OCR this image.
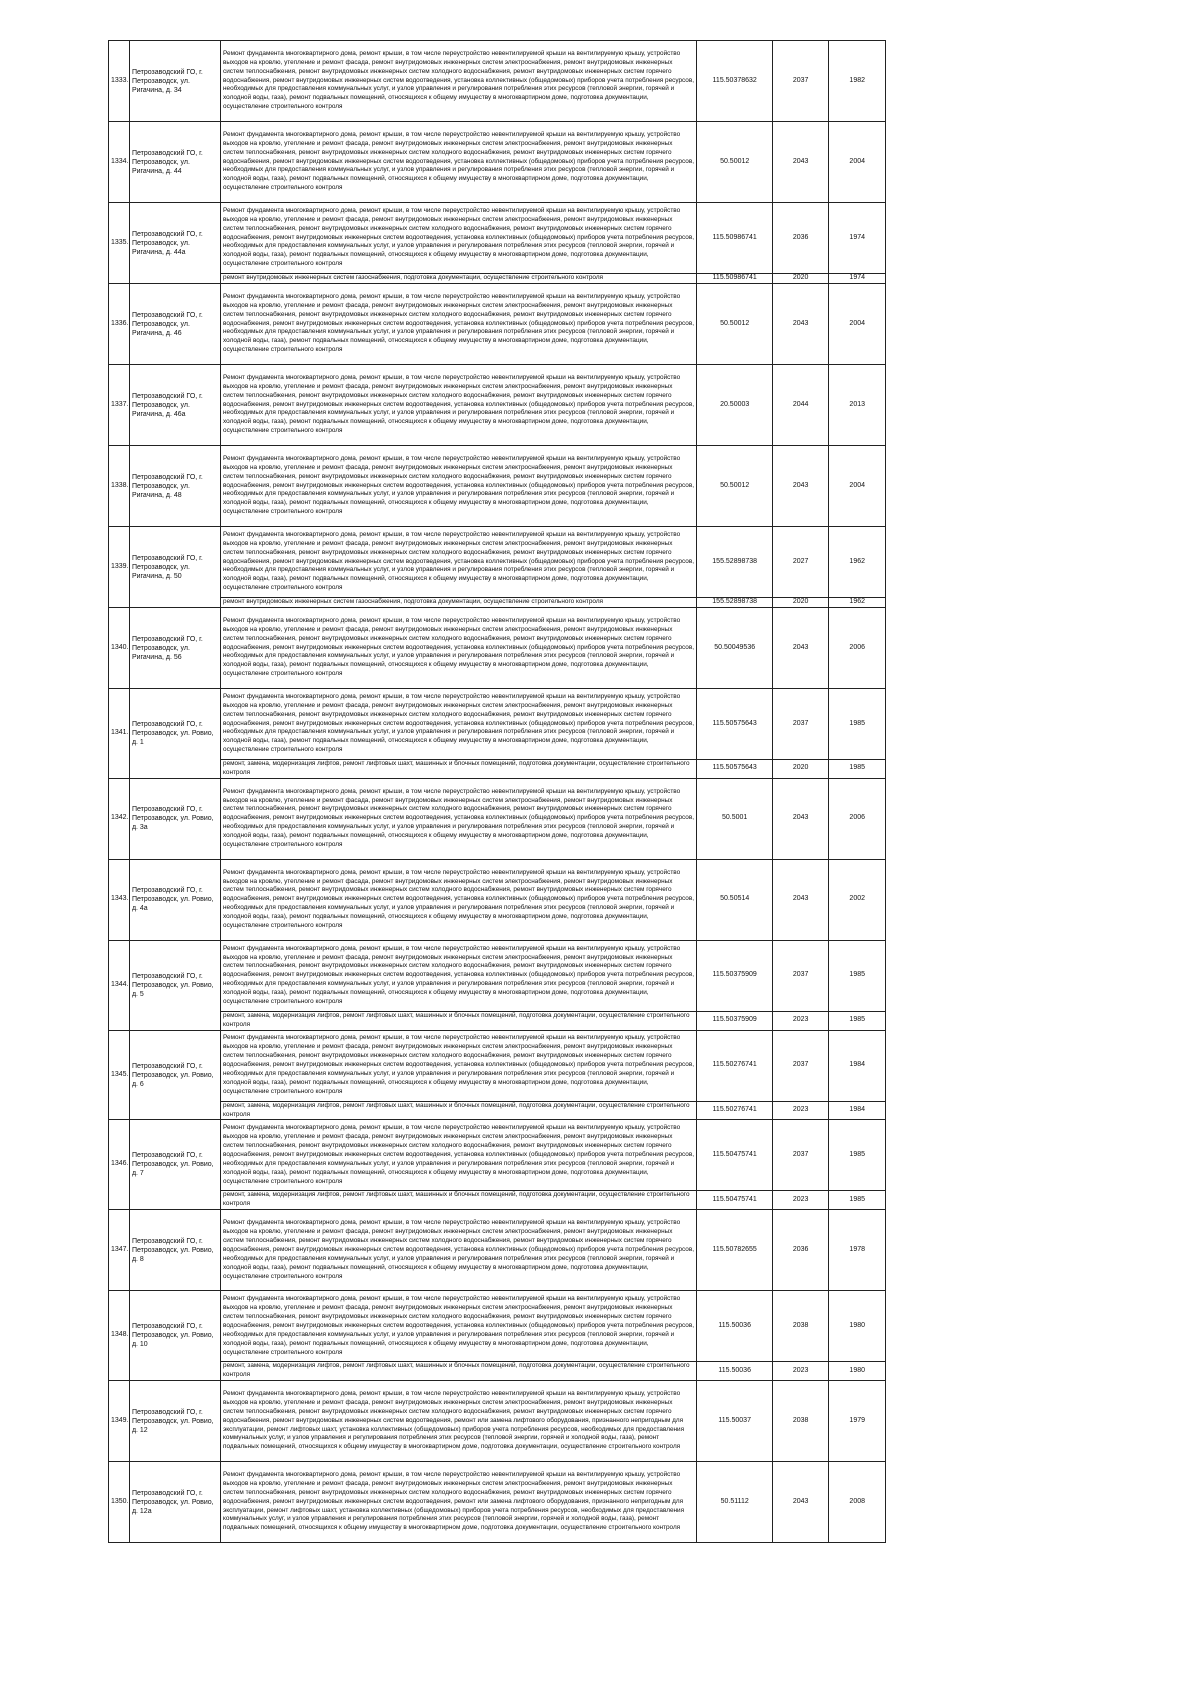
1333.	Петрозаводский ГО, г. Петрозаводск, ул. Ригачина, д. 34	Ремонт фундамента многоквартирного дома, ремонт крыши, в том числе переустройство невентилируемой крыши на вентилируемую крышу, устройство выходов на кровлю, утепление и ремонт фасада, ремонт внутридомовых инженерных систем электроснабжения, ремонт внутридомовых инженерных систем теплоснабжения, ремонт внутридомовых инженерных систем холодного водоснабжения, ремонт внутридомовых инженерных систем горячего водоснабжения, ремонт внутридомовых инженерных систем водоотведения, установка коллективных (общедомовых) приборов учета потребления ресурсов, необходимых для предоставления коммунальных услуг, и узлов управления и регулирования потребления этих ресурсов (тепловой энергии, горячей и холодной воды, газа), ремонт подвальных помещений, относящихся к общему имуществу в многоквартирном доме, подготовка документации, осуществление строительного контроля	115.50378632	2037	1982
1334.	Петрозаводский ГО, г. Петрозаводск, ул. Ригачина, д. 44	Ремонт фундамента многоквартирного дома, ремонт крыши, в том числе переустройство невентилируемой крыши на вентилируемую крышу, устройство выходов на кровлю, утепление и ремонт фасада, ремонт внутридомовых инженерных систем электроснабжения, ремонт внутридомовых инженерных систем теплоснабжения, ремонт внутридомовых инженерных систем холодного водоснабжения, ремонт внутридомовых инженерных систем горячего водоснабжения, ремонт внутридомовых инженерных систем водоотведения, установка коллективных (общедомовых) приборов учета потребления ресурсов, необходимых для предоставления коммунальных услуг, и узлов управления и регулирования потребления этих ресурсов (тепловой энергии, горячей и холодной воды, газа), ремонт подвальных помещений, относящихся к общему имуществу в многоквартирном доме, подготовка документации, осуществление строительного контроля	50.50012	2043	2004
1335.	Петрозаводский ГО, г. Петрозаводск, ул. Ригачина, д. 44а	Ремонт фундамента многоквартирного дома, ремонт крыши, в том числе переустройство невентилируемой крыши на вентилируемую крышу, устройство выходов на кровлю, утепление и ремонт фасада, ремонт внутридомовых инженерных систем электроснабжения, ремонт внутридомовых инженерных систем теплоснабжения, ремонт внутридомовых инженерных систем холодного водоснабжения, ремонт внутридомовых инженерных систем горячего водоснабжения, ремонт внутридомовых инженерных систем водоотведения, установка коллективных (общедомовых) приборов учета потребления ресурсов, необходимых для предоставления коммунальных услуг, и узлов управления и регулирования потребления этих ресурсов (тепловой энергии, горячей и холодной воды, газа), ремонт подвальных помещений, относящихся к общему имуществу в многоквартирном доме, подготовка документации, осуществление строительного контроля	115.50986741	2036	1974
		ремонт внутридомовых инженерных систем газоснабжения, подготовка документации, осуществление строительного контроля	115.50986741	2020	1974
1336.	Петрозаводский ГО, г. Петрозаводск, ул. Ригачина, д. 46	Ремонт фундамента многоквартирного дома, ремонт крыши, в том числе переустройство невентилируемой крыши на вентилируемую крышу, устройство выходов на кровлю, утепление и ремонт фасада, ремонт внутридомовых инженерных систем электроснабжения, ремонт внутридомовых инженерных систем теплоснабжения, ремонт внутридомовых инженерных систем холодного водоснабжения, ремонт внутридомовых инженерных систем горячего водоснабжения, ремонт внутридомовых инженерных систем водоотведения, установка коллективных (общедомовых) приборов учета потребления ресурсов, необходимых для предоставления коммунальных услуг, и узлов управления и регулирования потребления этих ресурсов (тепловой энергии, горячей и холодной воды, газа), ремонт подвальных помещений, относящихся к общему имуществу в многоквартирном доме, подготовка документации, осуществление строительного контроля	50.50012	2043	2004
1337.	Петрозаводский ГО, г. Петрозаводск, ул. Ригачина, д. 46а	Ремонт фундамента многоквартирного дома, ремонт крыши, в том числе переустройство невентилируемой крыши на вентилируемую крышу, устройство выходов на кровлю, утепление и ремонт фасада, ремонт внутридомовых инженерных систем электроснабжения, ремонт внутридомовых инженерных систем теплоснабжения, ремонт внутридомовых инженерных систем холодного водоснабжения, ремонт внутридомовых инженерных систем горячего водоснабжения, ремонт внутридомовых инженерных систем водоотведения, установка коллективных (общедомовых) приборов учета потребления ресурсов, необходимых для предоставления коммунальных услуг, и узлов управления и регулирования потребления этих ресурсов (тепловой энергии, горячей и холодной воды, газа), ремонт подвальных помещений, относящихся к общему имуществу в многоквартирном доме, подготовка документации, осуществление строительного контроля	20.50003	2044	2013
1338.	Петрозаводский ГО, г. Петрозаводск, ул. Ригачина, д. 48	Ремонт фундамента многоквартирного дома, ремонт крыши, в том числе переустройство невентилируемой крыши на вентилируемую крышу, устройство выходов на кровлю, утепление и ремонт фасада, ремонт внутридомовых инженерных систем электроснабжения, ремонт внутридомовых инженерных систем теплоснабжения, ремонт внутридомовых инженерных систем холодного водоснабжения, ремонт внутридомовых инженерных систем горячего водоснабжения, ремонт внутридомовых инженерных систем водоотведения, установка коллективных (общедомовых) приборов учета потребления ресурсов, необходимых для предоставления коммунальных услуг, и узлов управления и регулирования потребления этих ресурсов (тепловой энергии, горячей и холодной воды, газа), ремонт подвальных помещений, относящихся к общему имуществу в многоквартирном доме, подготовка документации, осуществление строительного контроля	50.50012	2043	2004
1339.	Петрозаводский ГО, г. Петрозаводск, ул. Ригачина, д. 50	Ремонт фундамента многоквартирного дома, ремонт крыши, в том числе переустройство невентилируемой крыши на вентилируемую крышу, устройство выходов на кровлю, утепление и ремонт фасада, ремонт внутридомовых инженерных систем электроснабжения, ремонт внутридомовых инженерных систем теплоснабжения, ремонт внутридомовых инженерных систем холодного водоснабжения, ремонт внутридомовых инженерных систем горячего водоснабжения, ремонт внутридомовых инженерных систем водоотведения, установка коллективных (общедомовых) приборов учета потребления ресурсов, необходимых для предоставления коммунальных услуг, и узлов управления и регулирования потребления этих ресурсов (тепловой энергии, горячей и холодной воды, газа), ремонт подвальных помещений, относящихся к общему имуществу в многоквартирном доме, подготовка документации, осуществление строительного контроля	155.52898738	2027	1962
		ремонт внутридомовых инженерных систем газоснабжения, подготовка документации, осуществление строительного контроля	155.52898738	2020	1962
1340.	Петрозаводский ГО, г. Петрозаводск, ул. Ригачина, д. 56	Ремонт фундамента многоквартирного дома, ремонт крыши, в том числе переустройство невентилируемой крыши на вентилируемую крышу, устройство выходов на кровлю, утепление и ремонт фасада, ремонт внутридомовых инженерных систем электроснабжения, ремонт внутридомовых инженерных систем теплоснабжения, ремонт внутридомовых инженерных систем холодного водоснабжения, ремонт внутридомовых инженерных систем горячего водоснабжения, ремонт внутридомовых инженерных систем водоотведения, установка коллективных (общедомовых) приборов учета потребления ресурсов, необходимых для предоставления коммунальных услуг, и узлов управления и регулирования потребления этих ресурсов (тепловой энергии, горячей и холодной воды, газа), ремонт подвальных помещений, относящихся к общему имуществу в многоквартирном доме, подготовка документации, осуществление строительного контроля	50.50049536	2043	2006
1341.	Петрозаводский ГО, г. Петрозаводск, ул. Ровио, д. 1	Ремонт фундамента многоквартирного дома, ремонт крыши, в том числе переустройство невентилируемой крыши на вентилируемую крышу, устройство выходов на кровлю, утепление и ремонт фасада, ремонт внутридомовых инженерных систем электроснабжения, ремонт внутридомовых инженерных систем теплоснабжения, ремонт внутридомовых инженерных систем холодного водоснабжения, ремонт внутридомовых инженерных систем горячего водоснабжения, ремонт внутридомовых инженерных систем водоотведения, установка коллективных (общедомовых) приборов учета потребления ресурсов, необходимых для предоставления коммунальных услуг, и узлов управления и регулирования потребления этих ресурсов (тепловой энергии, горячей и холодной воды, газа), ремонт подвальных помещений, относящихся к общему имуществу в многоквартирном доме, подготовка документации, осуществление строительного контроля	115.50575643	2037	1985
		ремонт, замена, модернизация лифтов, ремонт лифтовых шахт, машинных и блочных помещений, подготовка документации, осуществление строительного контроля	115.50575643	2020	1985
1342.	Петрозаводский ГО, г. Петрозаводск, ул. Ровио, д. 3а	Ремонт фундамента многоквартирного дома, ремонт крыши, в том числе переустройство невентилируемой крыши на вентилируемую крышу, устройство выходов на кровлю, утепление и ремонт фасада, ремонт внутридомовых инженерных систем электроснабжения, ремонт внутридомовых инженерных систем теплоснабжения, ремонт внутридомовых инженерных систем холодного водоснабжения, ремонт внутридомовых инженерных систем горячего водоснабжения, ремонт внутридомовых инженерных систем водоотведения, установка коллективных (общедомовых) приборов учета потребления ресурсов, необходимых для предоставления коммунальных услуг, и узлов управления и регулирования потребления этих ресурсов (тепловой энергии, горячей и холодной воды, газа), ремонт подвальных помещений, относящихся к общему имуществу в многоквартирном доме, подготовка документации, осуществление строительного контроля	50.5001	2043	2006
1343.	Петрозаводский ГО, г. Петрозаводск, ул. Ровио, д. 4а	Ремонт фундамента многоквартирного дома, ремонт крыши, в том числе переустройство невентилируемой крыши на вентилируемую крышу, устройство выходов на кровлю, утепление и ремонт фасада, ремонт внутридомовых инженерных систем электроснабжения, ремонт внутридомовых инженерных систем теплоснабжения, ремонт внутридомовых инженерных систем холодного водоснабжения, ремонт внутридомовых инженерных систем горячего водоснабжения, ремонт внутридомовых инженерных систем водоотведения, установка коллективных (общедомовых) приборов учета потребления ресурсов, необходимых для предоставления коммунальных услуг, и узлов управления и регулирования потребления этих ресурсов (тепловой энергии, горячей и холодной воды, газа), ремонт подвальных помещений, относящихся к общему имуществу в многоквартирном доме, подготовка документации, осуществление строительного контроля	50.50514	2043	2002
1344.	Петрозаводский ГО, г. Петрозаводск, ул. Ровио, д. 5	Ремонт фундамента многоквартирного дома, ремонт крыши, в том числе переустройство невентилируемой крыши на вентилируемую крышу, устройство выходов на кровлю, утепление и ремонт фасада, ремонт внутридомовых инженерных систем электроснабжения, ремонт внутридомовых инженерных систем теплоснабжения, ремонт внутридомовых инженерных систем холодного водоснабжения, ремонт внутридомовых инженерных систем горячего водоснабжения, ремонт внутридомовых инженерных систем водоотведения, установка коллективных (общедомовых) приборов учета потребления ресурсов, необходимых для предоставления коммунальных услуг, и узлов управления и регулирования потребления этих ресурсов (тепловой энергии, горячей и холодной воды, газа), ремонт подвальных помещений, относящихся к общему имуществу в многоквартирном доме, подготовка документации, осуществление строительного контроля	115.50375909	2037	1985
		ремонт, замена, модернизация лифтов, ремонт лифтовых шахт, машинных и блочных помещений, подготовка документации, осуществление строительного контроля	115.50375909	2023	1985
1345.	Петрозаводский ГО, г. Петрозаводск, ул. Ровио, д. 6	Ремонт фундамента многоквартирного дома, ремонт крыши, в том числе переустройство невентилируемой крыши на вентилируемую крышу, устройство выходов на кровлю, утепление и ремонт фасада, ремонт внутридомовых инженерных систем электроснабжения, ремонт внутридомовых инженерных систем теплоснабжения, ремонт внутридомовых инженерных систем холодного водоснабжения, ремонт внутридомовых инженерных систем горячего водоснабжения, ремонт внутридомовых инженерных систем водоотведения, установка коллективных (общедомовых) приборов учета потребления ресурсов, необходимых для предоставления коммунальных услуг, и узлов управления и регулирования потребления этих ресурсов (тепловой энергии, горячей и холодной воды, газа), ремонт подвальных помещений, относящихся к общему имуществу в многоквартирном доме, подготовка документации, осуществление строительного контроля	115.50276741	2037	1984
		ремонт, замена, модернизация лифтов, ремонт лифтовых шахт, машинных и блочных помещений, подготовка документации, осуществление строительного контроля	115.50276741	2023	1984
1346.	Петрозаводский ГО, г. Петрозаводск, ул. Ровио, д. 7	Ремонт фундамента многоквартирного дома, ремонт крыши, в том числе переустройство невентилируемой крыши на вентилируемую крышу, устройство выходов на кровлю, утепление и ремонт фасада, ремонт внутридомовых инженерных систем электроснабжения, ремонт внутридомовых инженерных систем теплоснабжения, ремонт внутридомовых инженерных систем холодного водоснабжения, ремонт внутридомовых инженерных систем горячего водоснабжения, ремонт внутридомовых инженерных систем водоотведения, установка коллективных (общедомовых) приборов учета потребления ресурсов, необходимых для предоставления коммунальных услуг, и узлов управления и регулирования потребления этих ресурсов (тепловой энергии, горячей и холодной воды, газа), ремонт подвальных помещений, относящихся к общему имуществу в многоквартирном доме, подготовка документации, осуществление строительного контроля	115.50475741	2037	1985
		ремонт, замена, модернизация лифтов, ремонт лифтовых шахт, машинных и блочных помещений, подготовка документации, осуществление строительного контроля	115.50475741	2023	1985
1347.	Петрозаводский ГО, г. Петрозаводск, ул. Ровио, д. 8	Ремонт фундамента многоквартирного дома, ремонт крыши, в том числе переустройство невентилируемой крыши на вентилируемую крышу, устройство выходов на кровлю, утепление и ремонт фасада, ремонт внутридомовых инженерных систем электроснабжения, ремонт внутридомовых инженерных систем теплоснабжения, ремонт внутридомовых инженерных систем холодного водоснабжения, ремонт внутридомовых инженерных систем горячего водоснабжения, ремонт внутридомовых инженерных систем водоотведения, установка коллективных (общедомовых) приборов учета потребления ресурсов, необходимых для предоставления коммунальных услуг, и узлов управления и регулирования потребления этих ресурсов (тепловой энергии, горячей и холодной воды, газа), ремонт подвальных помещений, относящихся к общему имуществу в многоквартирном доме, подготовка документации, осуществление строительного контроля	115.50782655	2036	1978
1348.	Петрозаводский ГО, г. Петрозаводск, ул. Ровио, д. 10	Ремонт фундамента многоквартирного дома, ремонт крыши, в том числе переустройство невентилируемой крыши на вентилируемую крышу, устройство выходов на кровлю, утепление и ремонт фасада, ремонт внутридомовых инженерных систем электроснабжения, ремонт внутридомовых инженерных систем теплоснабжения, ремонт внутридомовых инженерных систем холодного водоснабжения, ремонт внутридомовых инженерных систем горячего водоснабжения, ремонт внутридомовых инженерных систем водоотведения, установка коллективных (общедомовых) приборов учета потребления ресурсов, необходимых для предоставления коммунальных услуг, и узлов управления и регулирования потребления этих ресурсов (тепловой энергии, горячей и холодной воды, газа), ремонт подвальных помещений, относящихся к общему имуществу в многоквартирном доме, подготовка документации, осуществление строительного контроля	115.50036	2038	1980
		ремонт, замена, модернизация лифтов, ремонт лифтовых шахт, машинных и блочных помещений, подготовка документации, осуществление строительного контроля	115.50036	2023	1980
1349.	Петрозаводский ГО, г. Петрозаводск, ул. Ровио, д. 12	Ремонт фундамента многоквартирного дома, ремонт крыши, в том числе переустройство невентилируемой крыши на вентилируемую крышу, устройство выходов на кровлю, утепление и ремонт фасада, ремонт внутридомовых инженерных систем электроснабжения, ремонт внутридомовых инженерных систем теплоснабжения, ремонт внутридомовых инженерных систем холодного водоснабжения, ремонт внутридомовых инженерных систем горячего водоснабжения, ремонт внутридомовых инженерных систем водоотведения, ремонт или замена лифтового оборудования, признанного непригодным для эксплуатации, ремонт лифтовых шахт, установка коллективных (общедомовых) приборов учета потребления ресурсов, необходимых для предоставления коммунальных услуг, и узлов управления и регулирования потребления этих ресурсов (тепловой энергии, горячей и холодной воды, газа), ремонт подвальных помещений, относящихся к общему имуществу в многоквартирном доме, подготовка документации, осуществление строительного контроля	115.50037	2038	1979
1350.	Петрозаводский ГО, г. Петрозаводск, ул. Ровио, д. 12а	Ремонт фундамента многоквартирного дома, ремонт крыши, в том числе переустройство невентилируемой крыши на вентилируемую крышу, устройство выходов на кровлю, утепление и ремонт фасада, ремонт внутридомовых инженерных систем электроснабжения, ремонт внутридомовых инженерных систем теплоснабжения, ремонт внутридомовых инженерных систем холодного водоснабжения, ремонт внутридомовых инженерных систем горячего водоснабжения, ремонт внутридомовых инженерных систем водоотведения, ремонт или замена лифтового оборудования, признанного непригодным для эксплуатации, ремонт лифтовых шахт, установка коллективных (общедомовых) приборов учета потребления ресурсов, необходимых для предоставления коммунальных услуг, и узлов управления и регулирования потребления этих ресурсов (тепловой энергии, горячей и холодной воды, газа), ремонт подвальных помещений, относящихся к общему имуществу в многоквартирном доме, подготовка документации, осуществление строительного контроля	50.51112	2043	2008
